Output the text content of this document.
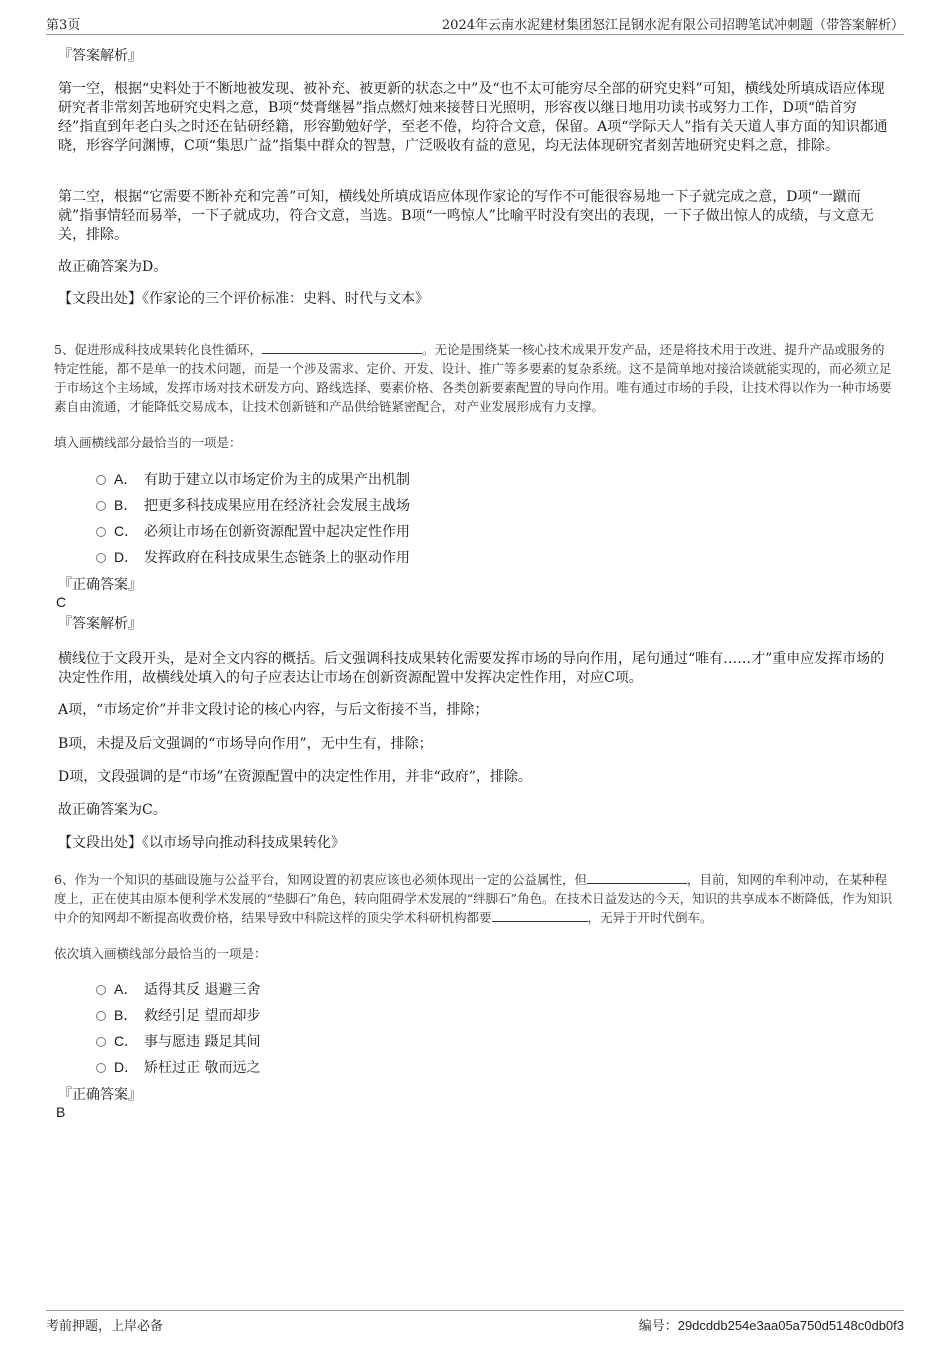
第3页	2024年云南水泥建材集团怒江昆钢水泥有限公司招聘笔试冲刺题（带答案解析）
『答案解析』
第一空，根据“史料处于不断地被发现、被补充、被更新的状态之中”及“也不太可能穷尽全部的研究史料”可知，横线处所填成语应体现研究者非常刻苦地研究史料之意，B项“焚膏继晷”指点燃灯烛来接替日光照明，形容夜以继日地用功读书或努力工作，D项“皓首穷经”指直到年老白头之时还在钻研经籍，形容勤勉好学，至老不倦，均符合文意，保留。A项“学际天人”指有关天道人事方面的知识都通晓，形容学问渊博，C项“集思广益”指集中群众的智慧，广泛吸收有益的意见，均无法体现研究者刻苦地研究史料之意，排除。
第二空，根据“它需要不断补充和完善”可知，横线处所填成语应体现作家论的写作不可能很容易地一下子就完成之意，D项“一蹴而就”指事情轻而易举，一下子就成功，符合文意，当选。B项“一鸣惊人”比喻平时没有突出的表现，一下子做出惊人的成绩，与文意无关，排除。
故正确答案为D。
【文段出处】《作家论的三个评价标准：史料、时代与文本》
5、促进形成科技成果转化良性循环，	。无论是围绕某一核心技术成果开发产品，还是将技术用于改进、提升产品或服务的特定性能，都不是单一的技术问题，而是一个涉及需求、定价、开发、设计、推广等多要素的复杂系统。这不是简单地对接洽谈就能实现的，而必须立足于市场这个主场域，发挥市场对技术研发方向、路线选择、要素价格、各类创新要素配置的导向作用。唯有通过市场的手段，让技术得以作为一种市场要素自由流通，才能降低交易成本，让技术创新链和产品供给链紧密配合，对产业发展形成有力支撑。
填入画横线部分最恰当的一项是：
A． 有助于建立以市场定价为主的成果产出机制
B． 把更多科技成果应用在经济社会发展主战场
C． 必须让市场在创新资源配置中起决定性作用
D． 发挥政府在科技成果生态链条上的驱动作用
『正确答案』
C
『答案解析』
横线位于文段开头，是对全文内容的概括。后文强调科技成果转化需要发挥市场的导向作用，尾句通过“唯有……才”重申应发挥市场的决定性作用，故横线处填入的句子应表达让市场在创新资源配置中发挥决定性作用，对应C项。
A项，“市场定价”并非文段讨论的核心内容，与后文衔接不当，排除；
B项，未提及后文强调的“市场导向作用”，无中生有，排除；
D项，文段强调的是“市场”在资源配置中的决定性作用，并非“政府”，排除。
故正确答案为C。
【文段出处】《以市场导向推动科技成果转化》
6、作为一个知识的基础设施与公益平台，知网设置的初衷应该也必须体现出一定的公益属性，但	，目前，知网的牟利冲动，在某种程度上，正在使其由原本便利学术发展的“垫脚石”角色，转向阻碍学术发展的“绊脚石”角色。在技术日益发达的今天，知识的共享成本不断降低，作为知识中介的知网却不断提高收费价格，结果导致中科院这样的顶尖学术科研机构都要	，无异于开时代倒车。
依次填入画横线部分最恰当的一项是：
A． 适得其反 退避三舍
B． 救经引足 望而却步
C． 事与愿违 蹑足其间
D． 矫枉过正 敬而远之
『正确答案』
B
考前押题，上岸必备	编号：29dcddb254e3aa05a750d5148c0db0f3
